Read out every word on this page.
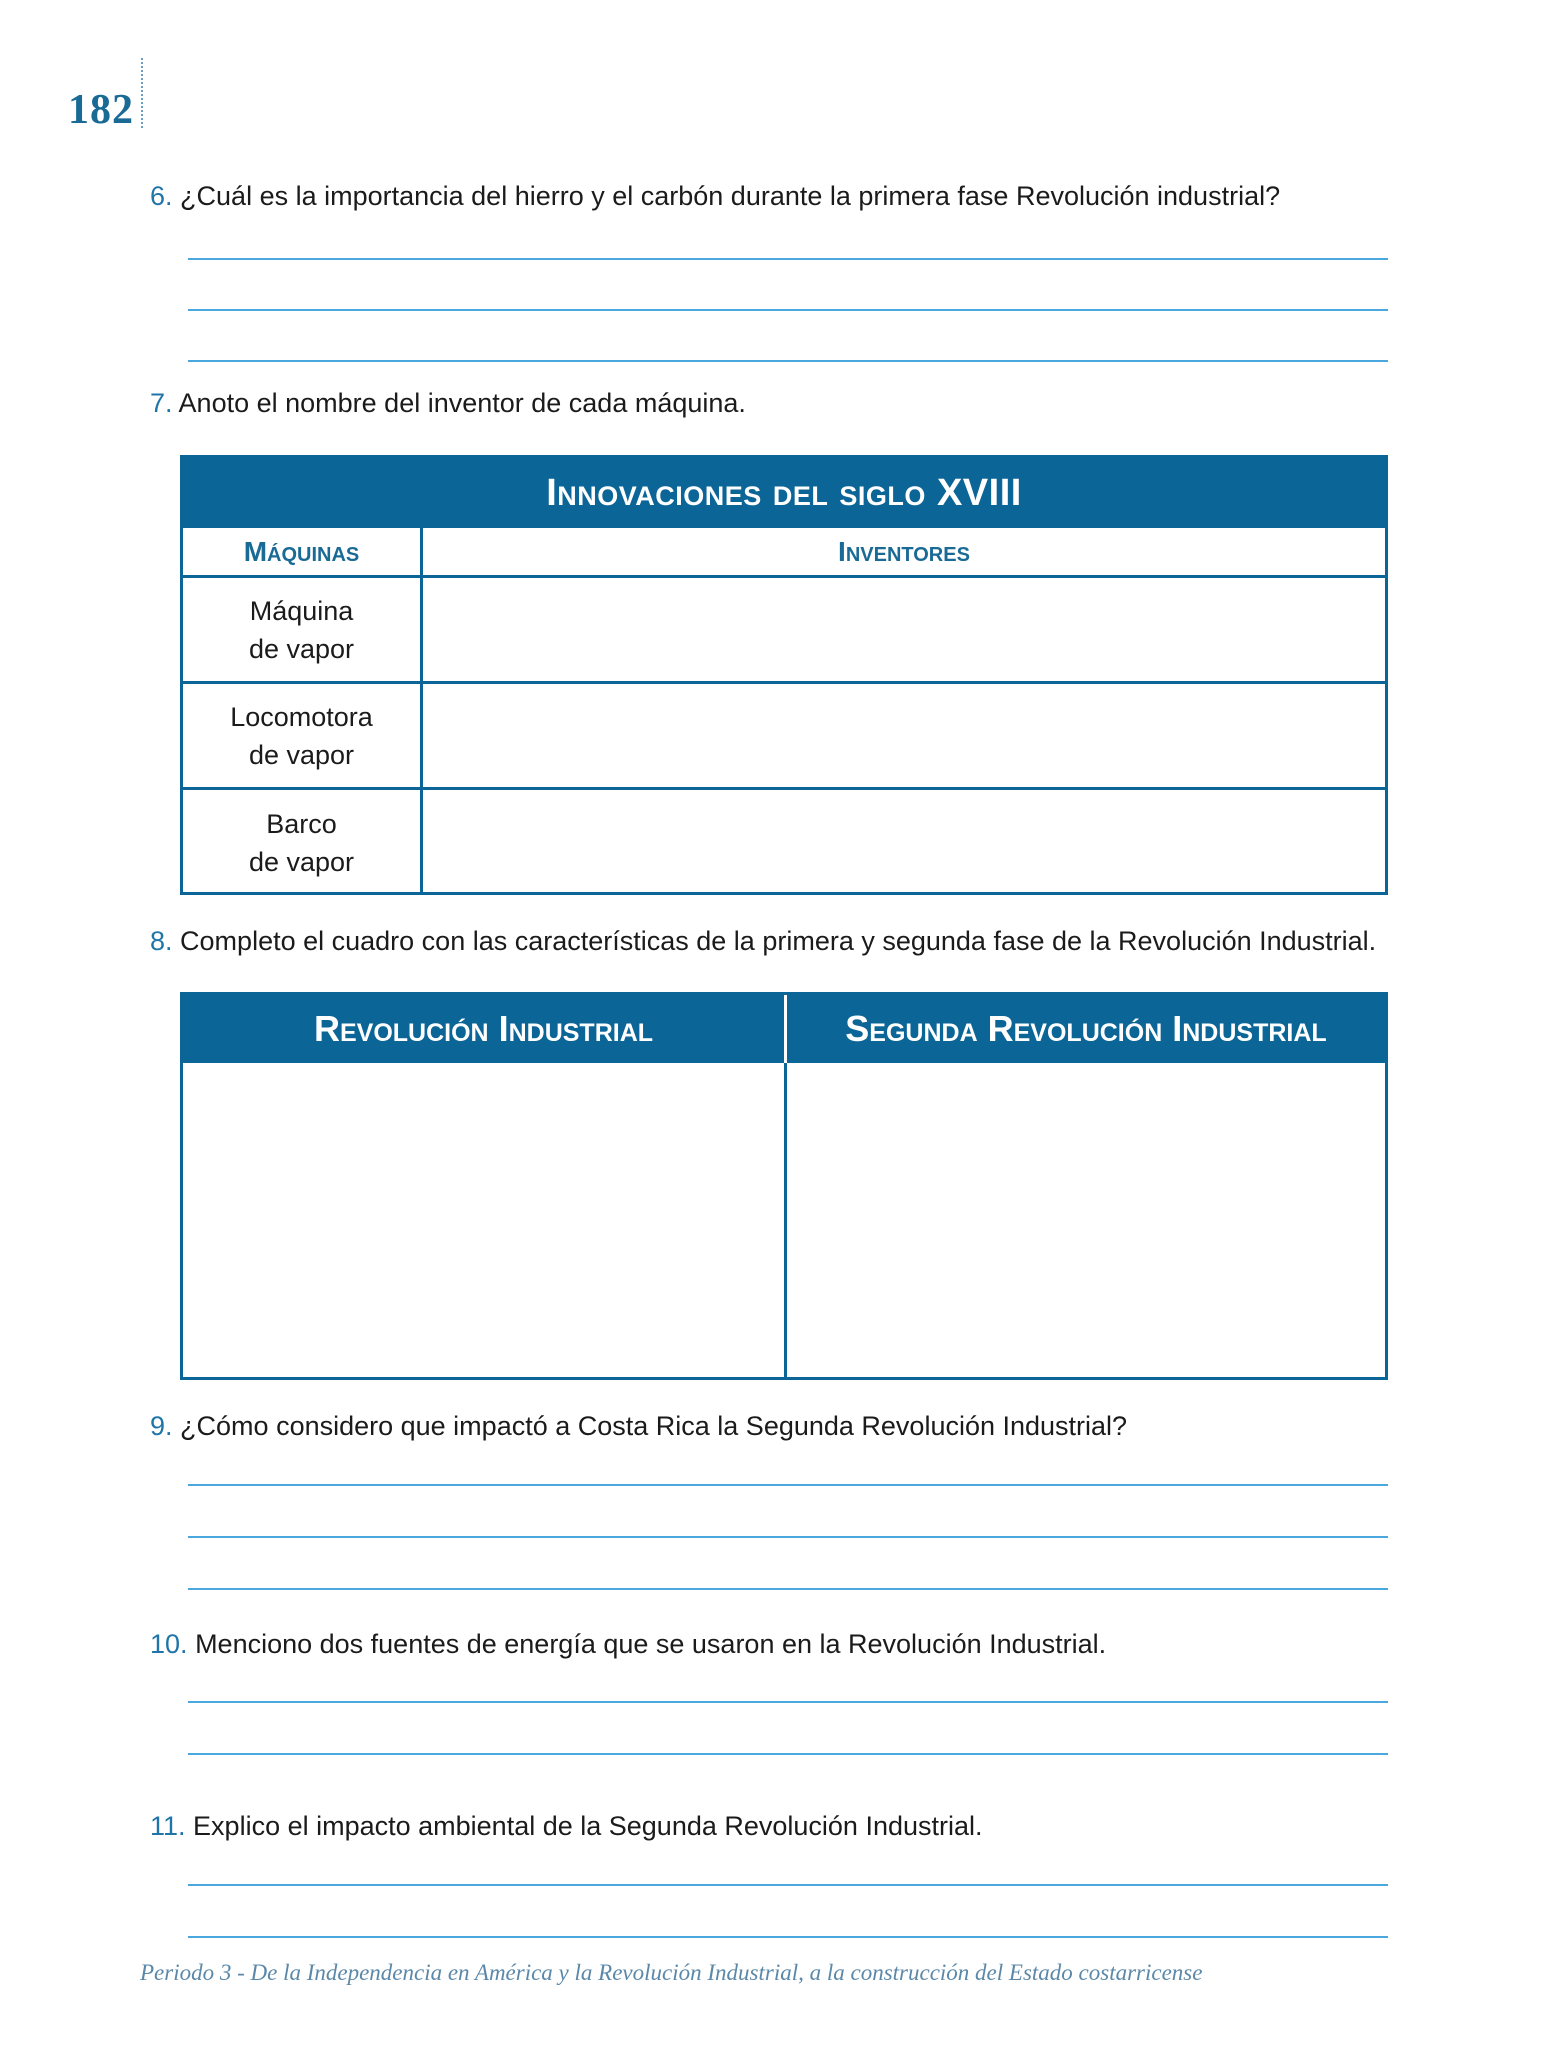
182
6. ¿Cuál es la importancia del hierro y el carbón durante la primera fase Revolución industrial?
7. Anoto el nombre del inventor de cada máquina.
Innovaciones del siglo XVIII
Máquinas	Inventores
Máquina
de vapor
Locomotora
de vapor
Barco
de vapor
8. Completo el cuadro con las características de la primera y segunda fase de la Revolución Industrial.
Revolución Industrial	Segunda Revolución Industrial
9. ¿Cómo considero que impactó a Costa Rica la Segunda Revolución Industrial?
10. Menciono dos fuentes de energía que se usaron en la Revolución Industrial.
11. Explico el impacto ambiental de la Segunda Revolución Industrial.
Periodo 3 - De la Independencia en América y la Revolución Industrial, a la construcción del Estado costarricense
